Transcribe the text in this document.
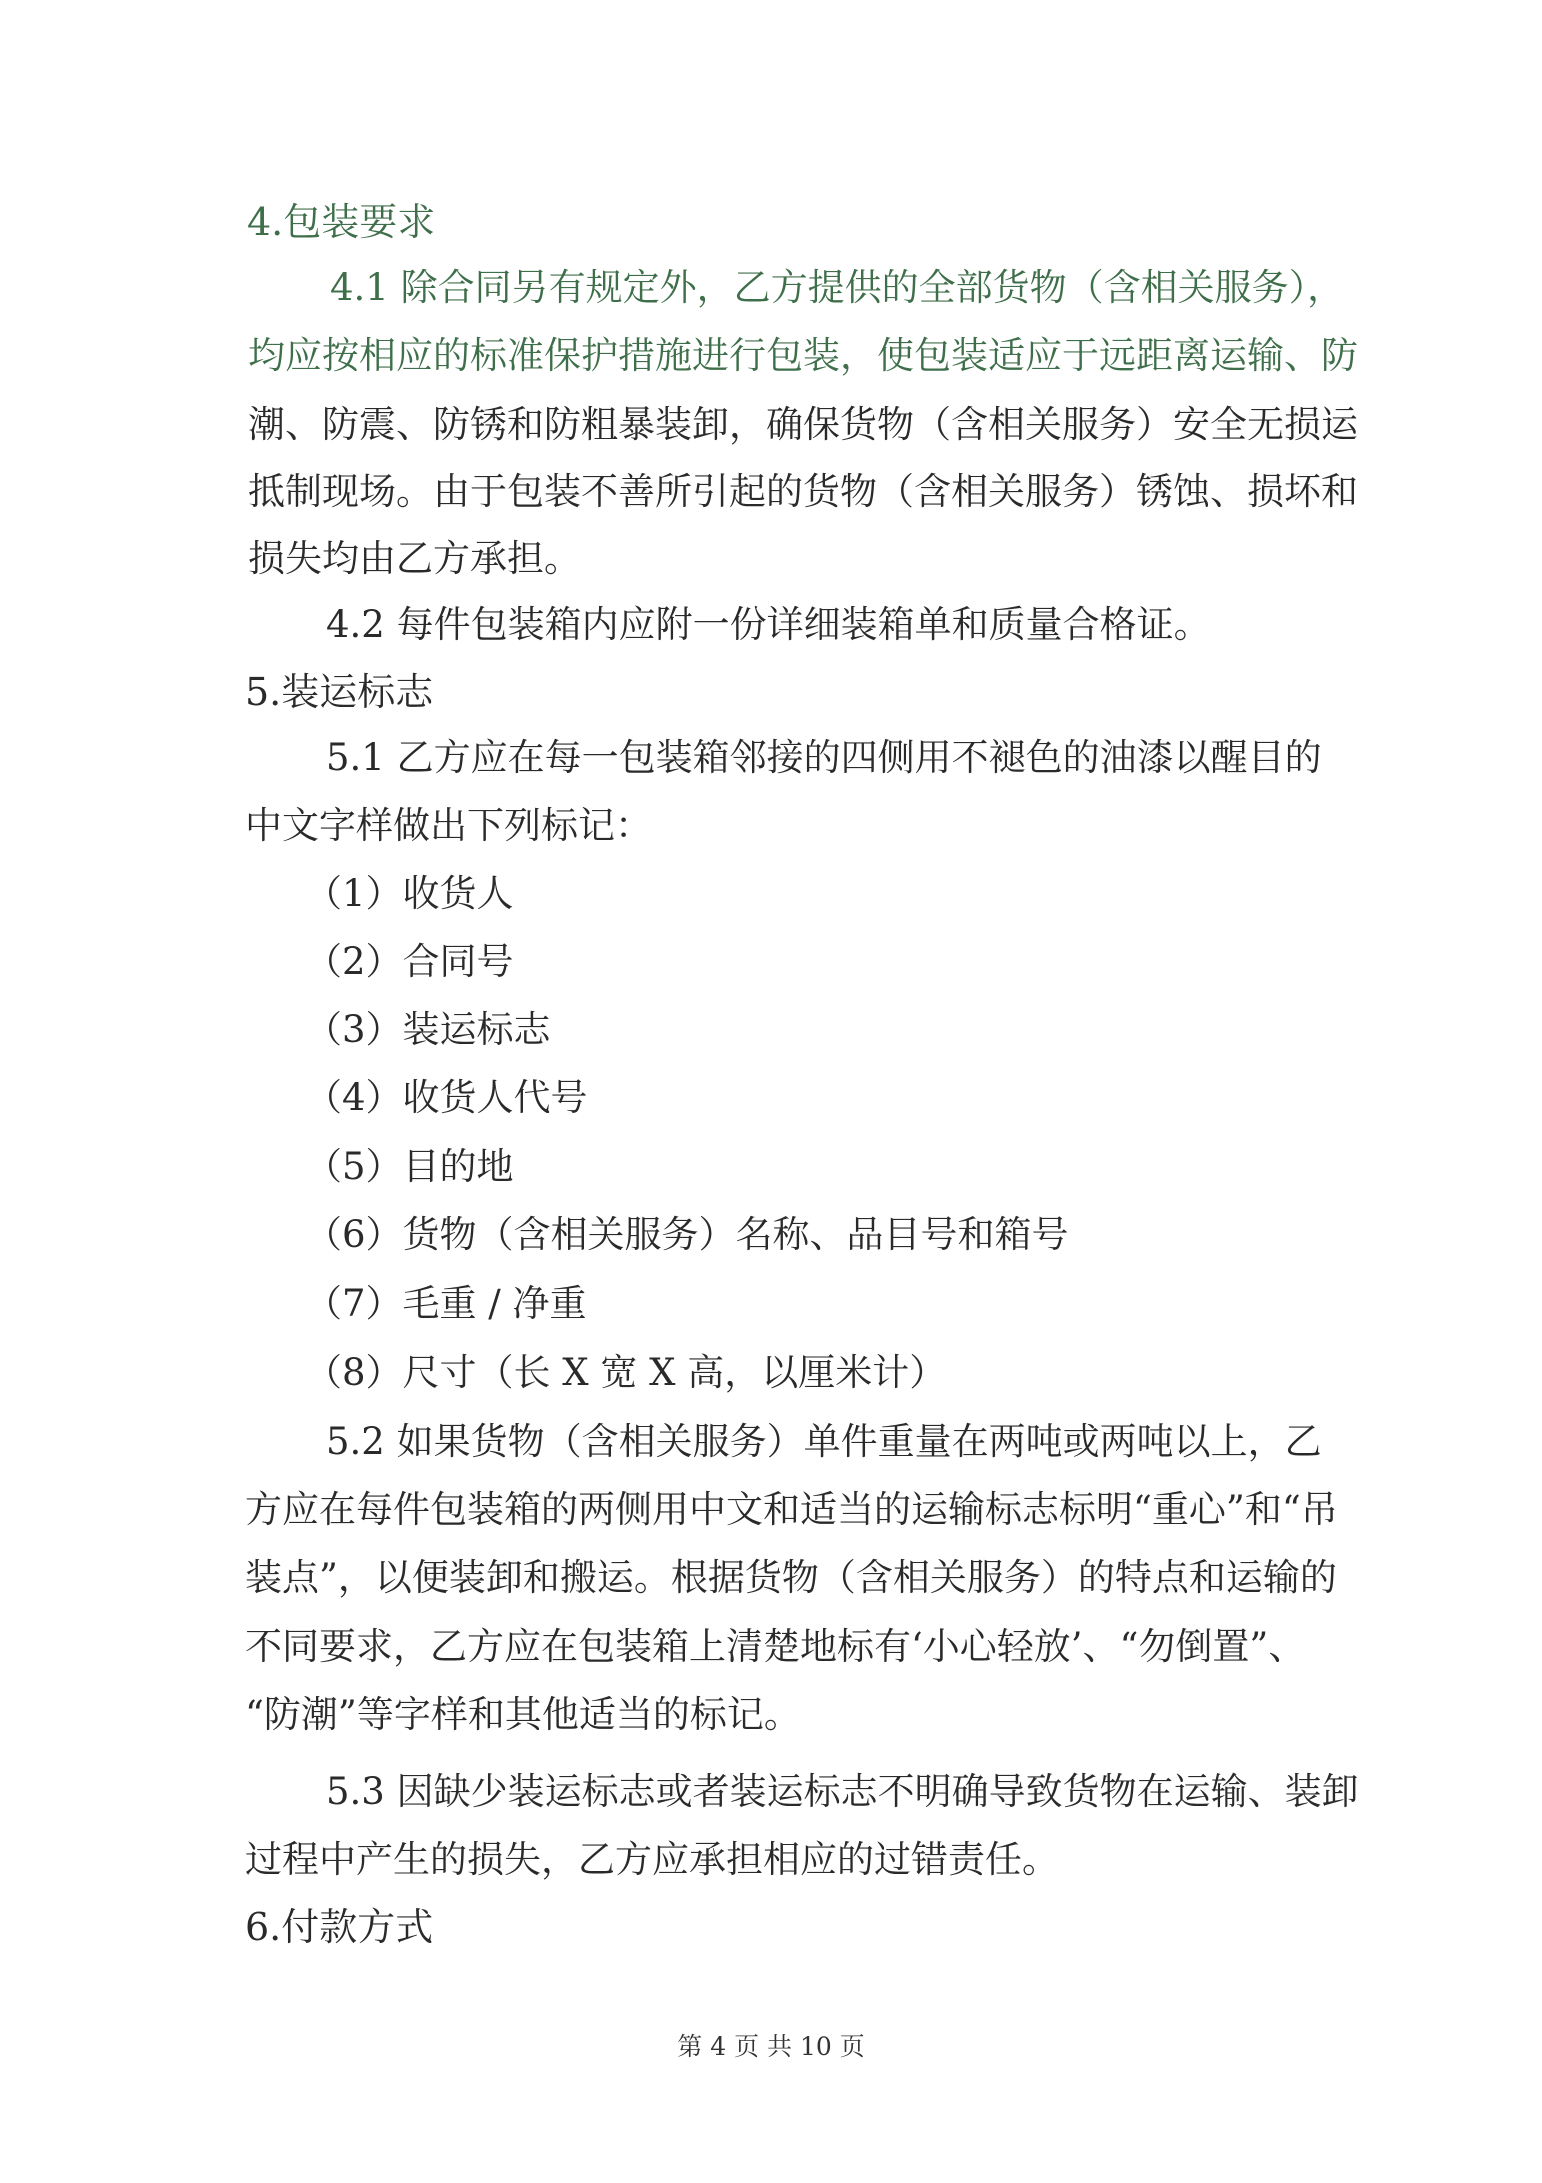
4.包装要求
4.1 除合同另有规定外，乙方提供的全部货物（含相关服务），
均应按相应的标准保护措施进行包装，使包装适应于远距离运输、防
潮、防震、防锈和防粗暴装卸，确保货物（含相关服务）安全无损运
抵制现场。由于包装不善所引起的货物（含相关服务）锈蚀、损坏和
损失均由乙方承担。
4.2 每件包装箱内应附一份详细装箱单和质量合格证。
5.装运标志
5.1 乙方应在每一包装箱邻接的四侧用不褪色的油漆以醒目的
中文字样做出下列标记：
（1）收货人
（2）合同号
（3）装运标志
（4）收货人代号
（5）目的地
（6）货物（含相关服务）名称、品目号和箱号
（7）毛重 / 净重
（8）尺寸（长 X 宽 X 高，以厘米计）
5.2 如果货物（含相关服务）单件重量在两吨或两吨以上，乙
方应在每件包装箱的两侧用中文和适当的运输标志标明“重心”和“吊
装点”，以便装卸和搬运。根据货物（含相关服务）的特点和运输的
不同要求，乙方应在包装箱上清楚地标有‘小心轻放’、“勿倒置”、
“防潮”等字样和其他适当的标记。
5.3 因缺少装运标志或者装运标志不明确导致货物在运输、装卸
过程中产生的损失，乙方应承担相应的过错责任。
6.付款方式
第 4 页 共 10 页
